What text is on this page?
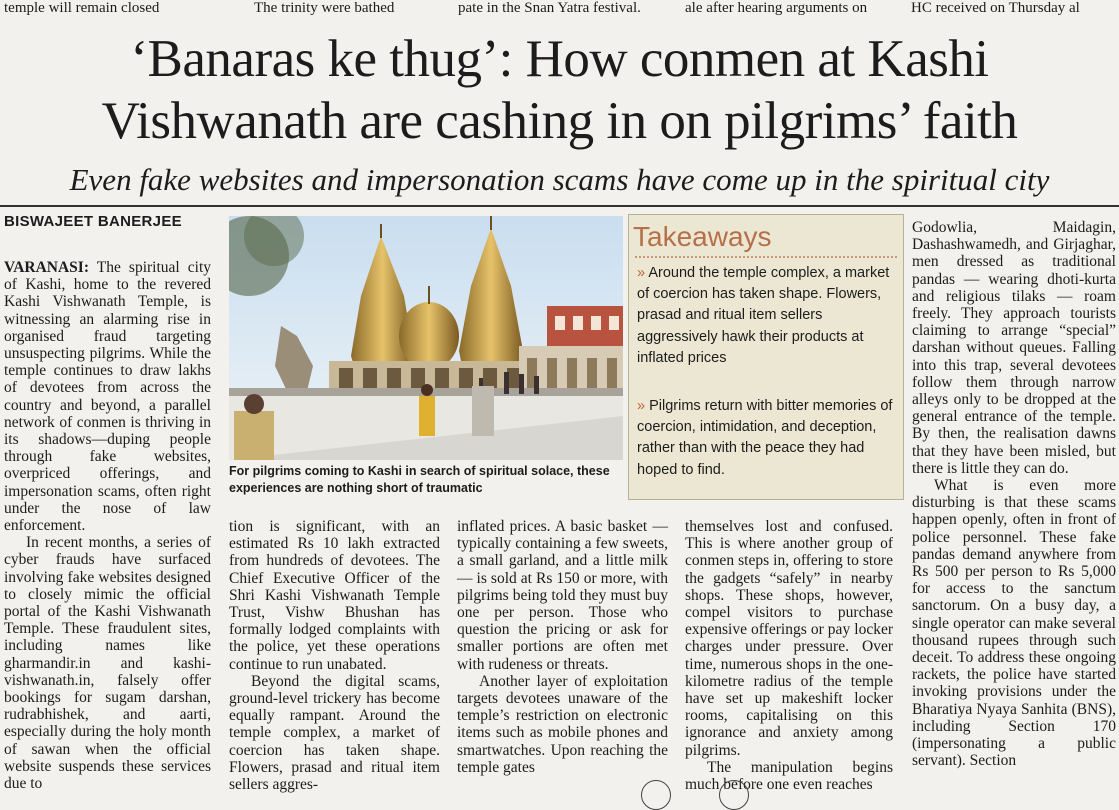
temple will remain closed	The trinity were bathed	pate in the Snan Yatra festival.	ale after hearing arguments on	HC received on Thursday al
‘Banaras ke thug’: How conmen at Kashi
Vishwanath are cashing in on pilgrims’ faith
Even fake websites and impersonation scams have come up in the spiritual city
BISWAJEET BANERJEE

VARANASI: The spiritual city of Kashi, home to the revered Kashi Vishwanath Temple, is witnessing an alarming rise in organised fraud targeting unsuspecting pilgrims. While the temple continues to draw lakhs of devotees from across the country and beyond, a parallel network of conmen is thriving in its shadows—duping people through fake websites, overpriced offerings, and impersonation scams, often right under the nose of law enforcement.

In recent months, a series of cyber frauds have surfaced involving fake websites designed to closely mimic the official portal of the Kashi Vishwanath Temple. These fraudulent sites, including names like gharmandir.in and kashi-vishwanath.in, falsely offer bookings for sugam darshan, rudrabhishek, and aarti, especially during the holy month of sawan when the official website suspends these services due to

For pilgrims coming to Kashi in search of spiritual solace, these experiences are nothing short of traumatic
Takeaways
» Around the temple complex, a market of coercion has taken shape. Flowers, prasad and ritual item sellers aggressively hawk their products at inflated prices
» Pilgrims return with bitter memories of coercion, intimidation, and deception, rather than with the peace they had hoped to find.

tion is significant, with an estimated Rs 10 lakh extracted from hundreds of devotees. The Chief Executive Officer of the Shri Kashi Vishwanath Temple Trust, Vishw Bhushan has formally lodged complaints with the police, yet these operations continue to run unabated.

Beyond the digital scams, ground-level trickery has become equally rampant. Around the temple complex, a market of coercion has taken shape. Flowers, prasad and ritual item sellers aggres-

inflated prices. A basic basket — typically containing a few sweets, a small garland, and a little milk — is sold at Rs 150 or more, with pilgrims being told they must buy one per person. Those who question the pricing or ask for smaller portions are often met with rudeness or threats.

Another layer of exploitation targets devotees unaware of the temple’s restriction on electronic items such as mobile phones and smartwatches. Upon reaching the temple gates

themselves lost and confused. This is where another group of conmen steps in, offering to store the gadgets “safely” in nearby shops. These shops, however, compel visitors to purchase expensive offerings or pay locker charges under pressure. Over time, numerous shops in the one-kilometre radius of the temple have set up makeshift locker rooms, capitalising on this ignorance and anxiety among pilgrims.

The manipulation begins much before one even reaches

Godowlia, Maidagin, Dashashwamedh, and Girjaghar, men dressed as traditional pandas — wearing dhoti-kurta and religious tilaks — roam freely. They approach tourists claiming to arrange “special” darshan without queues. Falling into this trap, several devotees follow them through narrow alleys only to be dropped at the general entrance of the temple. By then, the realisation dawns that they have been misled, but there is little they can do.

What is even more disturbing is that these scams happen openly, often in front of police personnel. These fake pandas demand anywhere from Rs 500 per person to Rs 5,000 for access to the sanctum sanctorum. On a busy day, a single operator can make several thousand rupees through such deceit. To address these ongoing rackets, the police have started invoking provisions under the Bharatiya Nyaya Sanhita (BNS), including Section 170 (impersonating a public servant). Section
